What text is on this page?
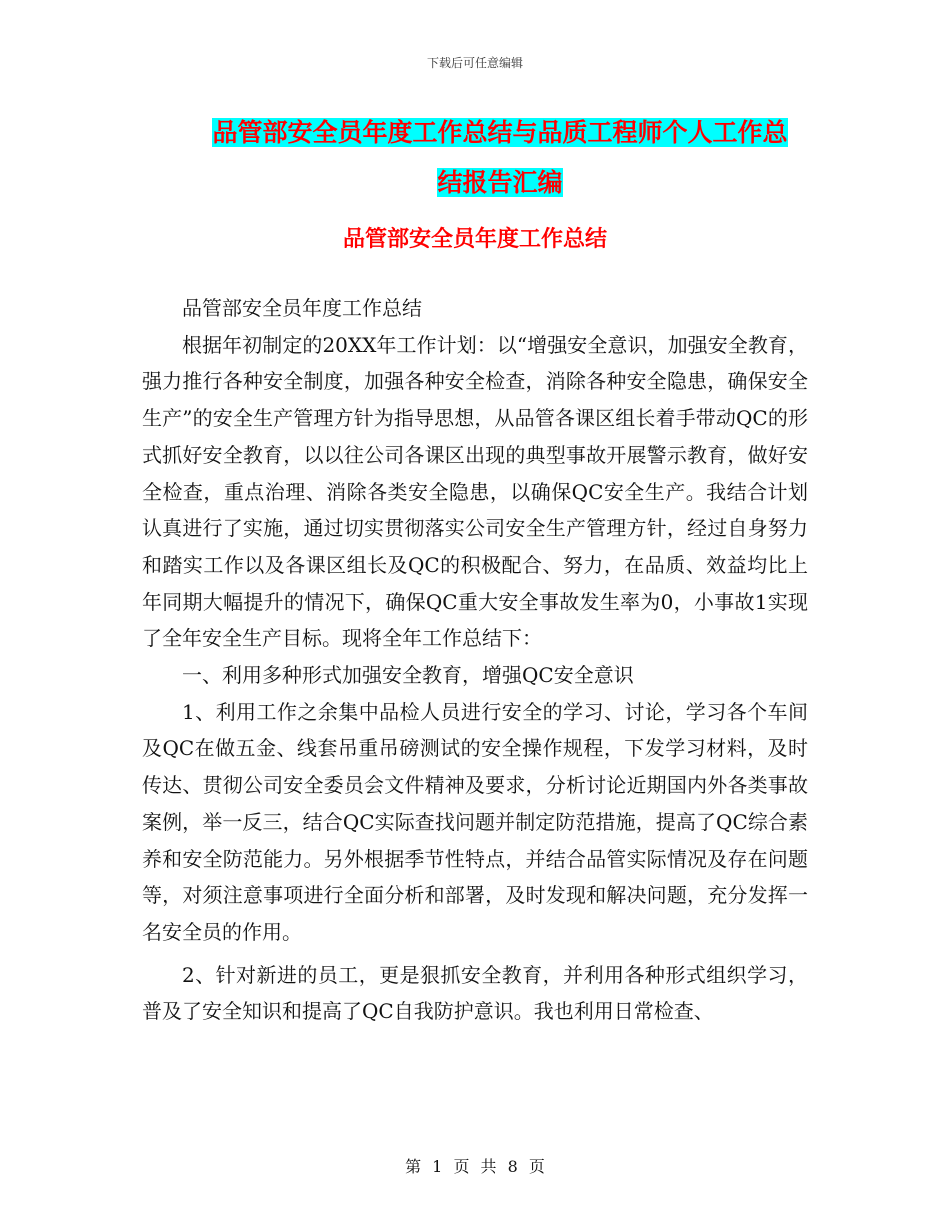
下载后可任意编辑
品管部安全员年度工作总结与品质工程师个人工作总
结报告汇编
品管部安全员年度工作总结

品管部安全员年度工作总结

根据年初制定的20XX年工作计划：以“增强安全意识，加强安全教育，强力推行各种安全制度，加强各种安全检查，消除各种安全隐患，确保安全生产”的安全生产管理方针为指导思想，从品管各课区组长着手带动QC的形式抓好安全教育，以以往公司各课区出现的典型事故开展警示教育，做好安全检查，重点治理、消除各类安全隐患，以确保QC安全生产。我结合计划认真进行了实施，通过切实贯彻落实公司安全生产管理方针，经过自身努力和踏实工作以及各课区组长及QC的积极配合、努力，在品质、效益均比上年同期大幅提升的情况下，确保QC重大安全事故发生率为0，小事故1实现了全年安全生产目标。现将全年工作总结下：

一、利用多种形式加强安全教育，增强QC安全意识

1、利用工作之余集中品检人员进行安全的学习、讨论，学习各个车间及QC在做五金、线套吊重吊磅测试的安全操作规程，下发学习材料，及时传达、贯彻公司安全委员会文件精神及要求，分析讨论近期国内外各类事故案例，举一反三，结合QC实际查找问题并制定防范措施，提高了QC综合素养和安全防范能力。另外根据季节性特点，并结合品管实际情况及存在问题等，对须注意事项进行全面分析和部署，及时发现和解决问题，充分发挥一名安全员的作用。

2、针对新进的员工，更是狠抓安全教育，并利用各种形式组织学习，普及了安全知识和提高了QC自我防护意识。我也利用日常检查、

第 1 页 共 8 页
